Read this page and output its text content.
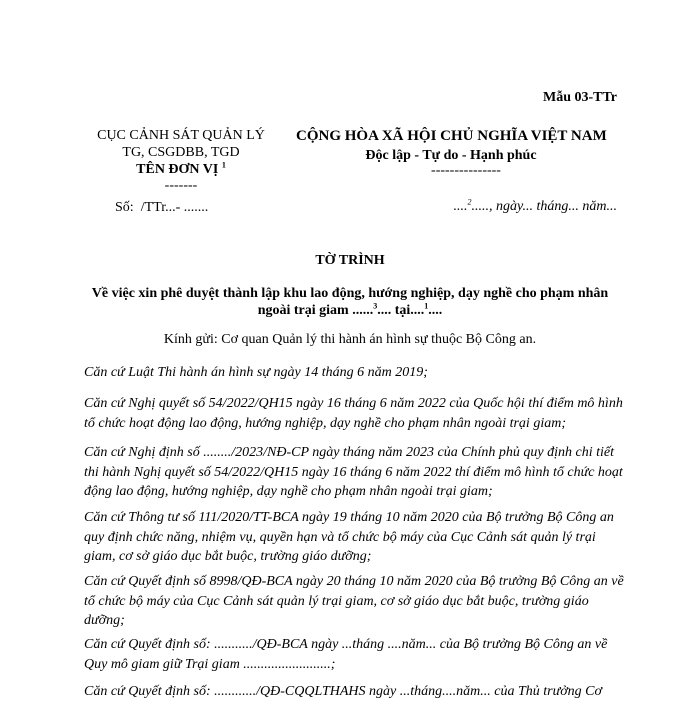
Mẫu 03-TTr
CỤC CẢNH SÁT QUẢN LÝ
TG, CSGDBB, TGD
TÊN ĐƠN VỊ $^1$
-------
Số: /TTr...- .......
CỘNG HÒA XÃ HỘI CHỦ NGHĨA VIỆT NAM
Độc lập - Tự do - Hạnh phúc
---------------
....$^2$....., ngày... tháng... năm...
TỜ TRÌNH
Về việc xin phê duyệt thành lập khu lao động, hướng nghiệp, dạy nghề cho phạm nhân
ngoài trại giam ......$^3$.... tại....$^1$....
Kính gửi: Cơ quan Quản lý thi hành án hình sự thuộc Bộ Công an.
Căn cứ Luật Thi hành án hình sự ngày 14 tháng 6 năm 2019;
Căn cứ Nghị quyết số 54/2022/QH15 ngày 16 tháng 6 năm 2022 của Quốc hội thí điểm mô hình tổ chức hoạt động lao động, hướng nghiệp, dạy nghề cho phạm nhân ngoài trại giam;
Căn cứ Nghị định số ......../2023/NĐ-CP ngày tháng năm 2023 của Chính phủ quy định chi tiết thi hành Nghị quyết số 54/2022/QH15 ngày 16 tháng 6 năm 2022 thí điểm mô hình tổ chức hoạt động lao động, hướng nghiệp, dạy nghề cho phạm nhân ngoài trại giam;
Căn cứ Thông tư số 111/2020/TT-BCA ngày 19 tháng 10 năm 2020 của Bộ trưởng Bộ Công an quy định chức năng, nhiệm vụ, quyền hạn và tổ chức bộ máy của Cục Cảnh sát quản lý trại giam, cơ sở giáo dục bắt buộc, trường giáo dưỡng;
Căn cứ Quyết định số 8998/QĐ-BCA ngày 20 tháng 10 năm 2020 của Bộ trưởng Bộ Công an về tổ chức bộ máy của Cục Cảnh sát quản lý trại giam, cơ sở giáo dục bắt buộc, trường giáo dưỡng;
Căn cứ Quyết định số: .........../QĐ-BCA ngày ...tháng ....năm... của Bộ trưởng Bộ Công an về Quy mô giam giữ Trại giam .........................;
Căn cứ Quyết định số: ............/QĐ-CQQLTHAHS ngày ...tháng....năm... của Thủ trưởng Cơ
